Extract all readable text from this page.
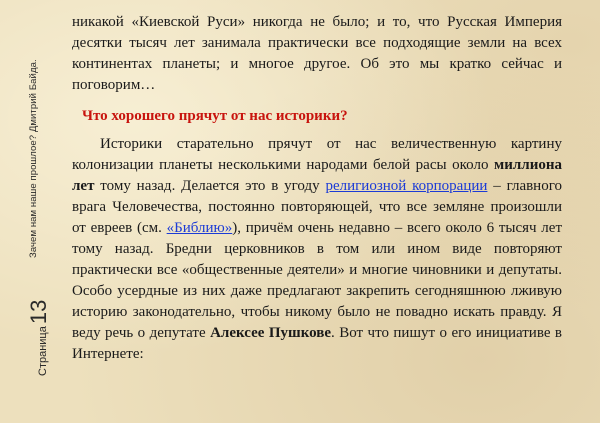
Зачем нам наше прошлое? Дмитрий Байда.
Страница13

никакой «Киевской Руси» никогда не было; и то, что Русская Империя десятки тысяч лет занимала практически все подходящие земли на всех континентах планеты; и многое другое. Об это мы кратко сейчас и поговорим…

Что хорошего прячут от нас историки?

Историки старательно прячут от нас величественную картину колонизации планеты несколькими народами белой расы около миллиона лет тому назад. Делается это в угоду религиозной корпорации – главного врага Человечества, постоянно повторяющей, что все земляне произошли от евреев (см. «Библию»), причём очень недавно – всего около 6 тысяч лет тому назад. Бредни церковников в том или ином виде повторяют практически все «общественные деятели» и многие чиновники и депутаты. Особо усердные из них даже предлагают закрепить сегодняшнюю лживую историю законодательно, чтобы никому было не повадно искать правду. Я веду речь о депутате Алексее Пушкове. Вот что пишут о его инициативе в Интернете:
